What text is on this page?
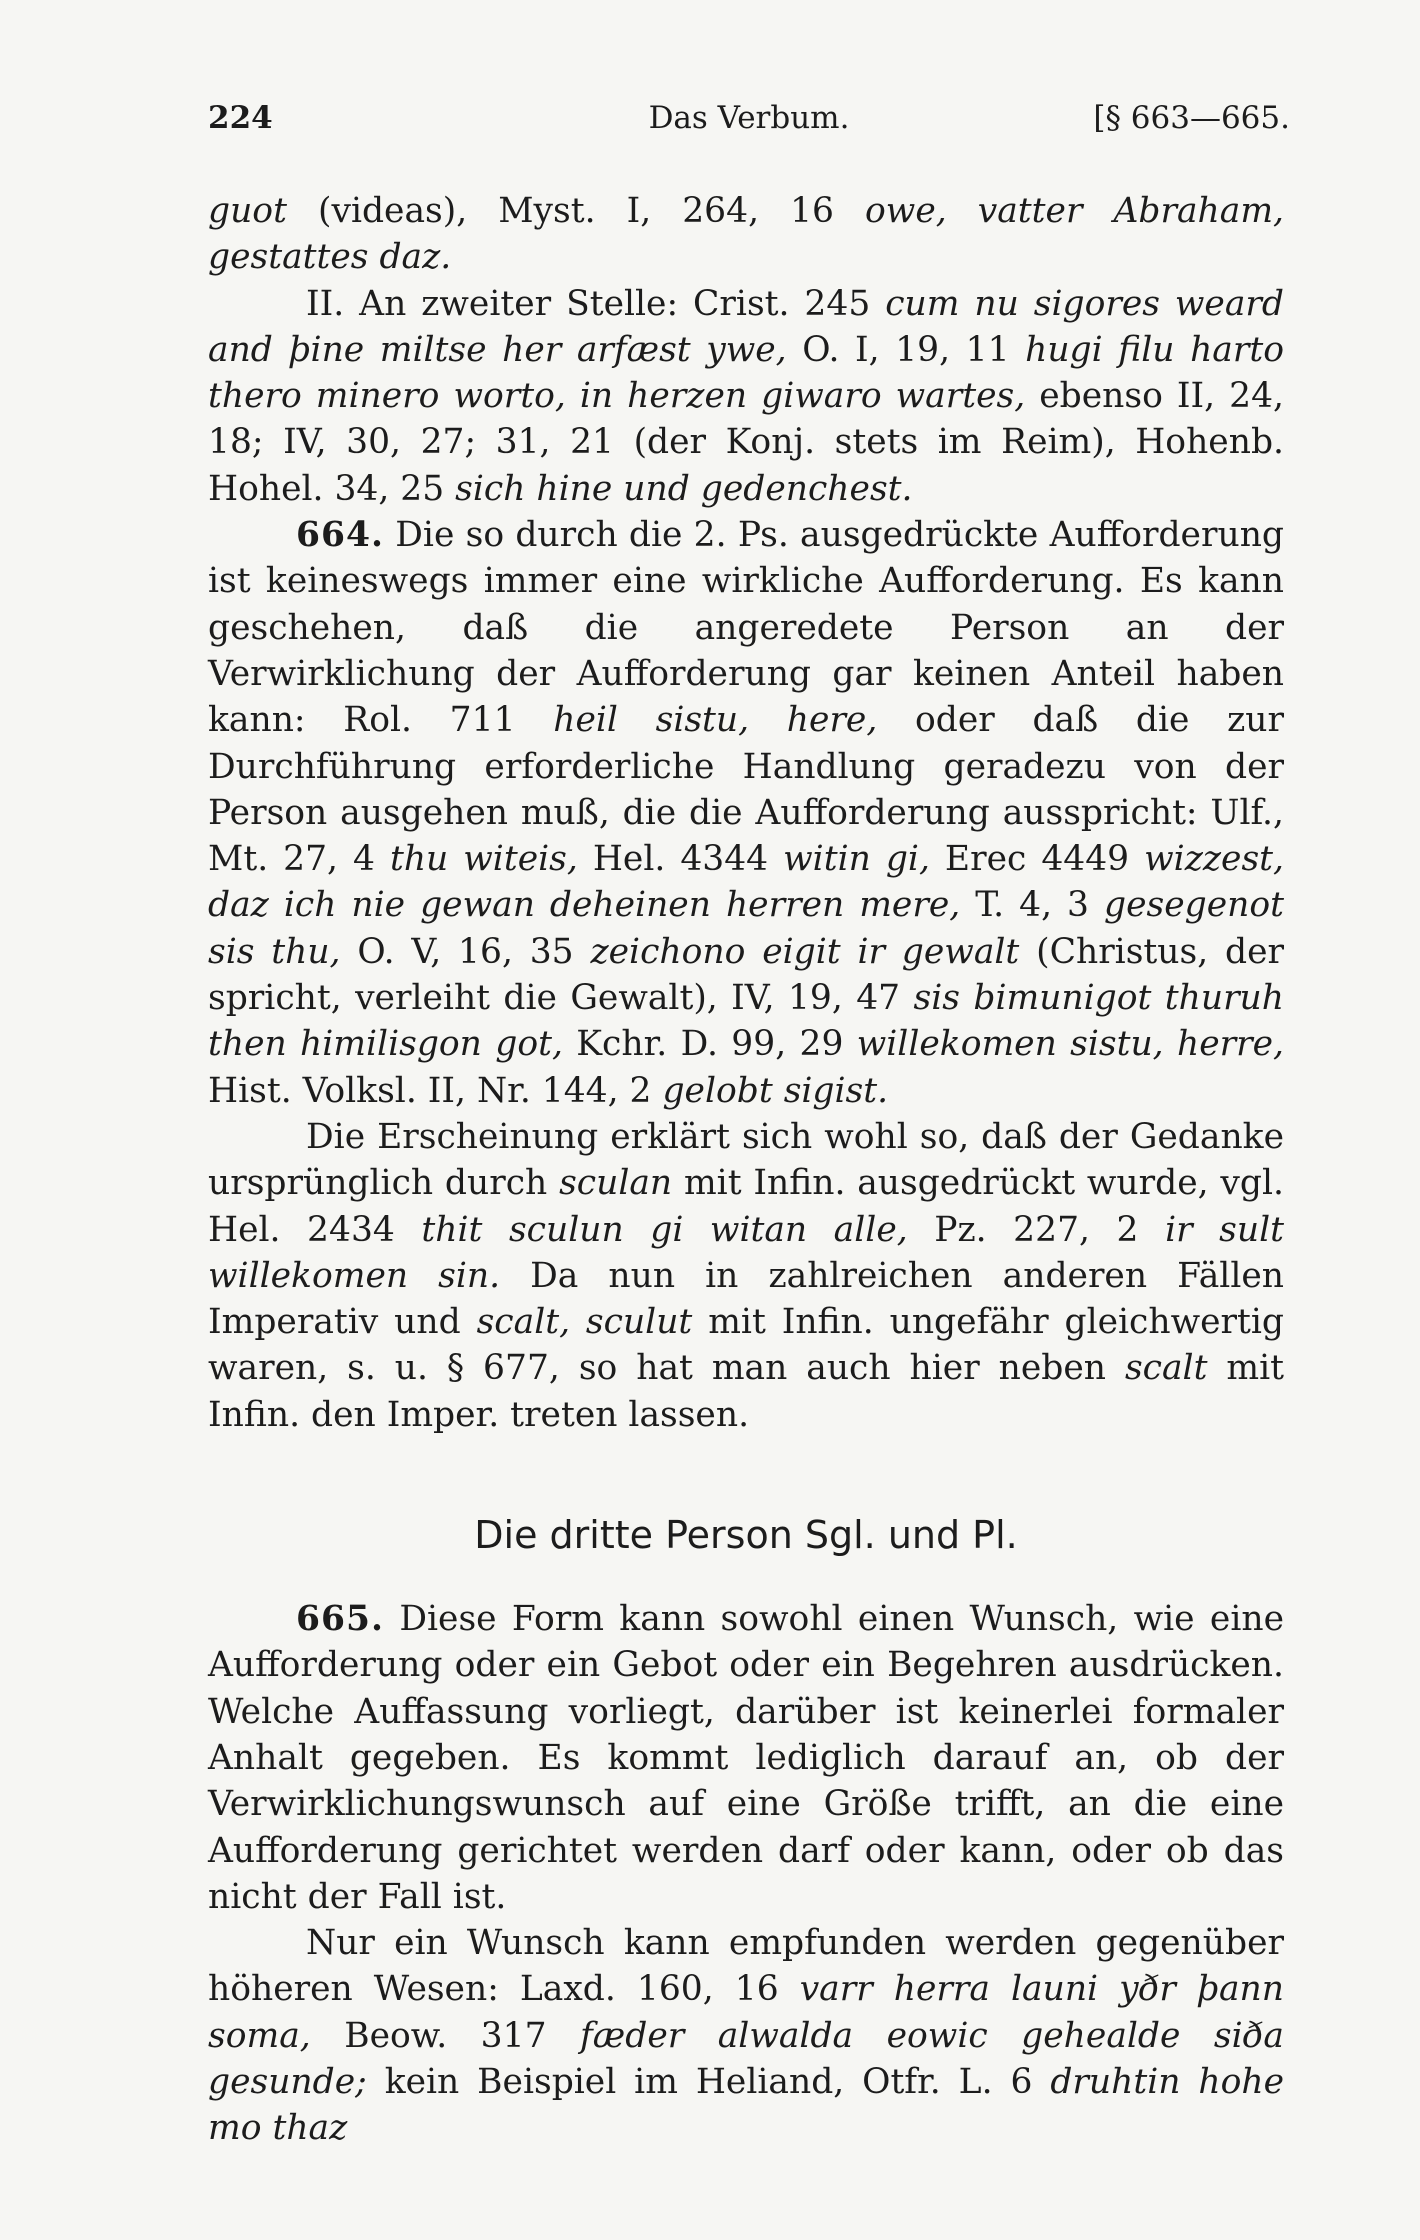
224	Das Verbum.	[§ 663—665.

guot (videas), Myst. I, 264, 16 owe, vatter Abraham, gestattes daz.

II. An zweiter Stelle: Crist. 245 cum nu sigores weard and þine miltse her arfæst ywe, O. I, 19, 11 hugi filu harto thero minero worto, in herzen giwaro wartes, ebenso II, 24, 18; IV, 30, 27; 31, 21 (der Konj. stets im Reim), Hohenb. Hohel. 34, 25 sich hine und gedenchest.

664. Die so durch die 2. Ps. ausgedrückte Aufforderung ist keineswegs immer eine wirkliche Aufforderung. Es kann geschehen, daß die angeredete Person an der Verwirklichung der Aufforderung gar keinen Anteil haben kann: Rol. 711 heil sistu, here, oder daß die zur Durchführung erforderliche Handlung geradezu von der Person ausgehen muß, die die Aufforderung ausspricht: Ulf., Mt. 27, 4 thu witeis, Hel. 4344 witin gi, Erec 4449 wizzest, daz ich nie gewan deheinen herren mere, T. 4, 3 gesegenot sis thu, O. V, 16, 35 zeichono eigit ir gewalt (Christus, der spricht, verleiht die Gewalt), IV, 19, 47 sis bimunigot thuruh then himilisgon got, Kchr. D. 99, 29 willekomen sistu, herre, Hist. Volksl. II, Nr. 144, 2 gelobt sigist.

Die Erscheinung erklärt sich wohl so, daß der Gedanke ursprünglich durch sculan mit Infin. ausgedrückt wurde, vgl. Hel. 2434 thit sculun gi witan alle, Pz. 227, 2 ir sult willekomen sin. Da nun in zahlreichen anderen Fällen Imperativ und scalt, sculut mit Infin. ungefähr gleichwertig waren, s. u. § 677, so hat man auch hier neben scalt mit Infin. den Imper. treten lassen.

Die dritte Person Sgl. und Pl.

665. Diese Form kann sowohl einen Wunsch, wie eine Aufforderung oder ein Gebot oder ein Begehren ausdrücken. Welche Auffassung vorliegt, darüber ist keinerlei formaler Anhalt gegeben. Es kommt lediglich darauf an, ob der Verwirklichungswunsch auf eine Größe trifft, an die eine Aufforderung gerichtet werden darf oder kann, oder ob das nicht der Fall ist.

Nur ein Wunsch kann empfunden werden gegenüber höheren Wesen: Laxd. 160, 16 varr herra launi yðr þann soma, Beow. 317 fæder alwalda eowic gehealde siða gesunde; kein Beispiel im Heliand, Otfr. L. 6 druhtin hohe mo thaz
